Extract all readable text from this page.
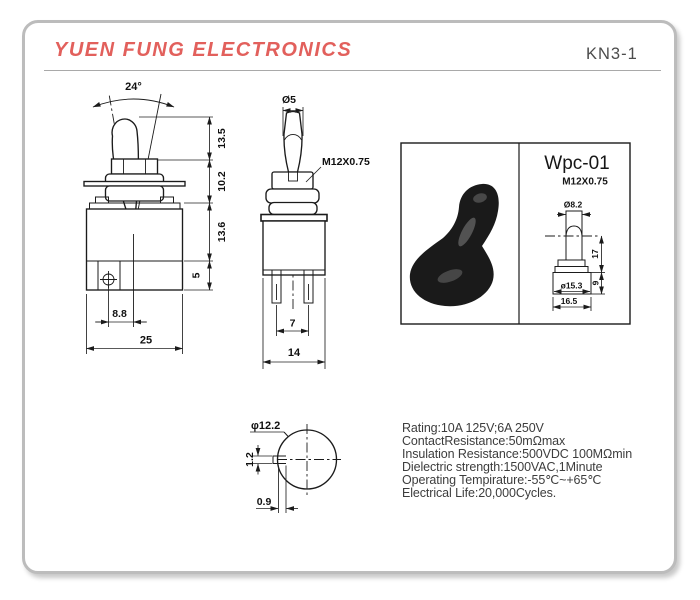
YUEN FUNG ELECTRONICS	KN3-1
24°
13.5
10.2
13.6
5
8.8
25
Ø5
M12X0.75
7
14
Wpc-01
M12X0.75
ø15.3
Ø8.2
16.5
17
9
φ12.2
1.2
0.9
Rating:10A 125V;6A 250V
ContactResistance:50mΩmax
Insulation Resistance:500VDC 100MΩmin
Dielectric strength:1500VAC,1Minute
Operating Tempirature:-55℃~+65℃
Electrical Life:20,000Cycles.
